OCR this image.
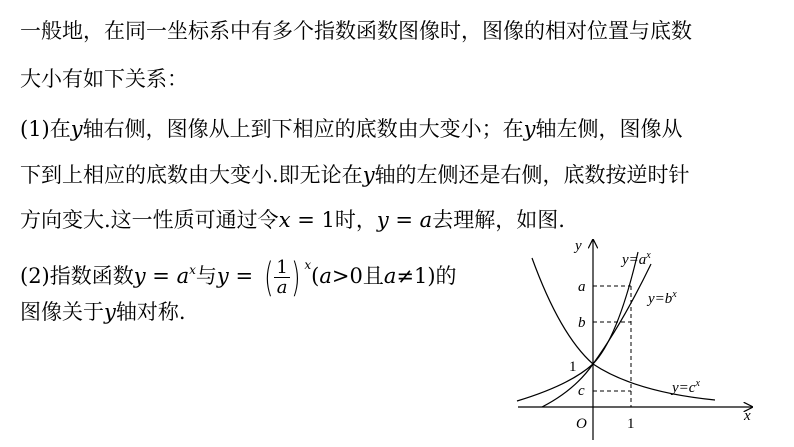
一般地，在同一坐标系中有多个指数函数图像时，图像的相对位置与底数
大小有如下关系：
(1)在y轴右侧，图像从上到下相应的底数由大变小；在y轴左侧，图像从
下到上相应的底数由大变小.即无论在y轴的左侧还是右侧，底数按逆时针
方向变大.这一性质可通过令x = 1时，y = a去理解，如图.
(2)指数函数$y = a^x$与y = ( $\frac{1}{a}$ ) $^x$(a>0且a≠1)的
图像关于y轴对称.
y
x
O
a
b
1
c
1
$y=a^x$
$y=b^x$
$y=c^x$
